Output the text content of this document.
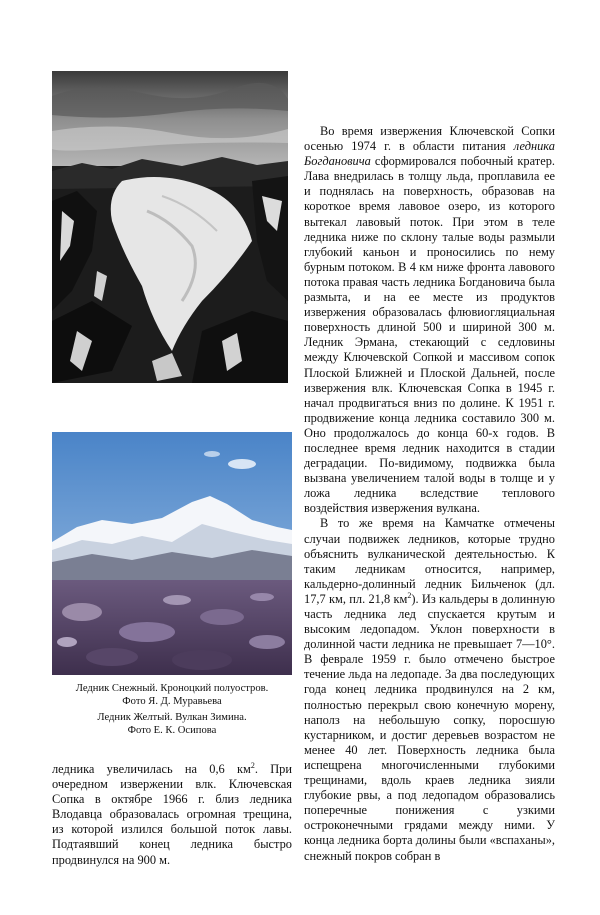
Ледник Снежный. Кроноцкий полуостров.
Фото Я. Д. Муравьева
Ледник Желтый. Вулкан Зимина.
Фото Е. К. Осипова

Во время извержения Ключевской Сопки осенью 1974 г. в области питания ледника Богдановича сформировался побочный кратер. Лава внедрилась в толщу льда, проплавила ее и поднялась на поверхность, образовав на короткое время лавовое озеро, из которого вытекал лавовый поток. При этом в теле ледника ниже по склону талые воды размыли глубокий каньон и проносились по нему бурным потоком. В 4 км ниже фронта лавового потока правая часть ледника Богдановича была размыта, и на ее месте из продуктов извержения образовалась флювиогляциальная поверхность длиной 500 и шириной 300 м. Ледник Эрмана, стекающий с седловины между Ключевской Сопкой и массивом сопок Плоской Ближней и Плоской Дальней, после извержения влк. Ключевская Сопка в 1945 г. начал продвигаться вниз по долине. К 1951 г. продвижение конца ледника составило 300 м. Оно продолжалось до конца 60-х годов. В последнее время ледник находится в стадии деградации. По-видимому, подвижка была вызвана увеличением талой воды в толще и у ложа ледника вследствие теплового воздействия извержения вулкана.

В то же время на Камчатке отмечены случаи подвижек ледников, которые трудно объяснить вулканической деятельностью. К таким ледникам относится, например, кальдерно-долинный ледник Бильченок (дл. 17,7 км, пл. 21,8 $км^2$). Из кальдеры в долинную часть ледника лед спускается крутым и высоким ледопадом. Уклон поверхности в долинной части ледника не превышает 7—10°. В феврале 1959 г. было отмечено быстрое течение льда на ледопаде. За два последующих года конец ледника продвинулся на 2 км, полностью перекрыл свою конечную морену, наполз на небольшую сопку, поросшую кустарником, и достиг деревьев возрастом не менее 40 лет. Поверхность ледника была испещрена многочисленными глубокими трещинами, вдоль краев ледника зияли глубокие рвы, а под ледопадом образовались поперечные понижения с узкими остроконечными грядами между ними. У конца ледника борта долины были «вспаханы», снежный покров собран в

ледника увеличилась на 0,6 $км^2$. При очередном извержении влк. Ключевская Сопка в октябре 1966 г. близ ледника Влодавца образовалась огромная трещина, из которой излился большой поток лавы. Подтаявший конец ледника быстро продвинулся на 900 м.
